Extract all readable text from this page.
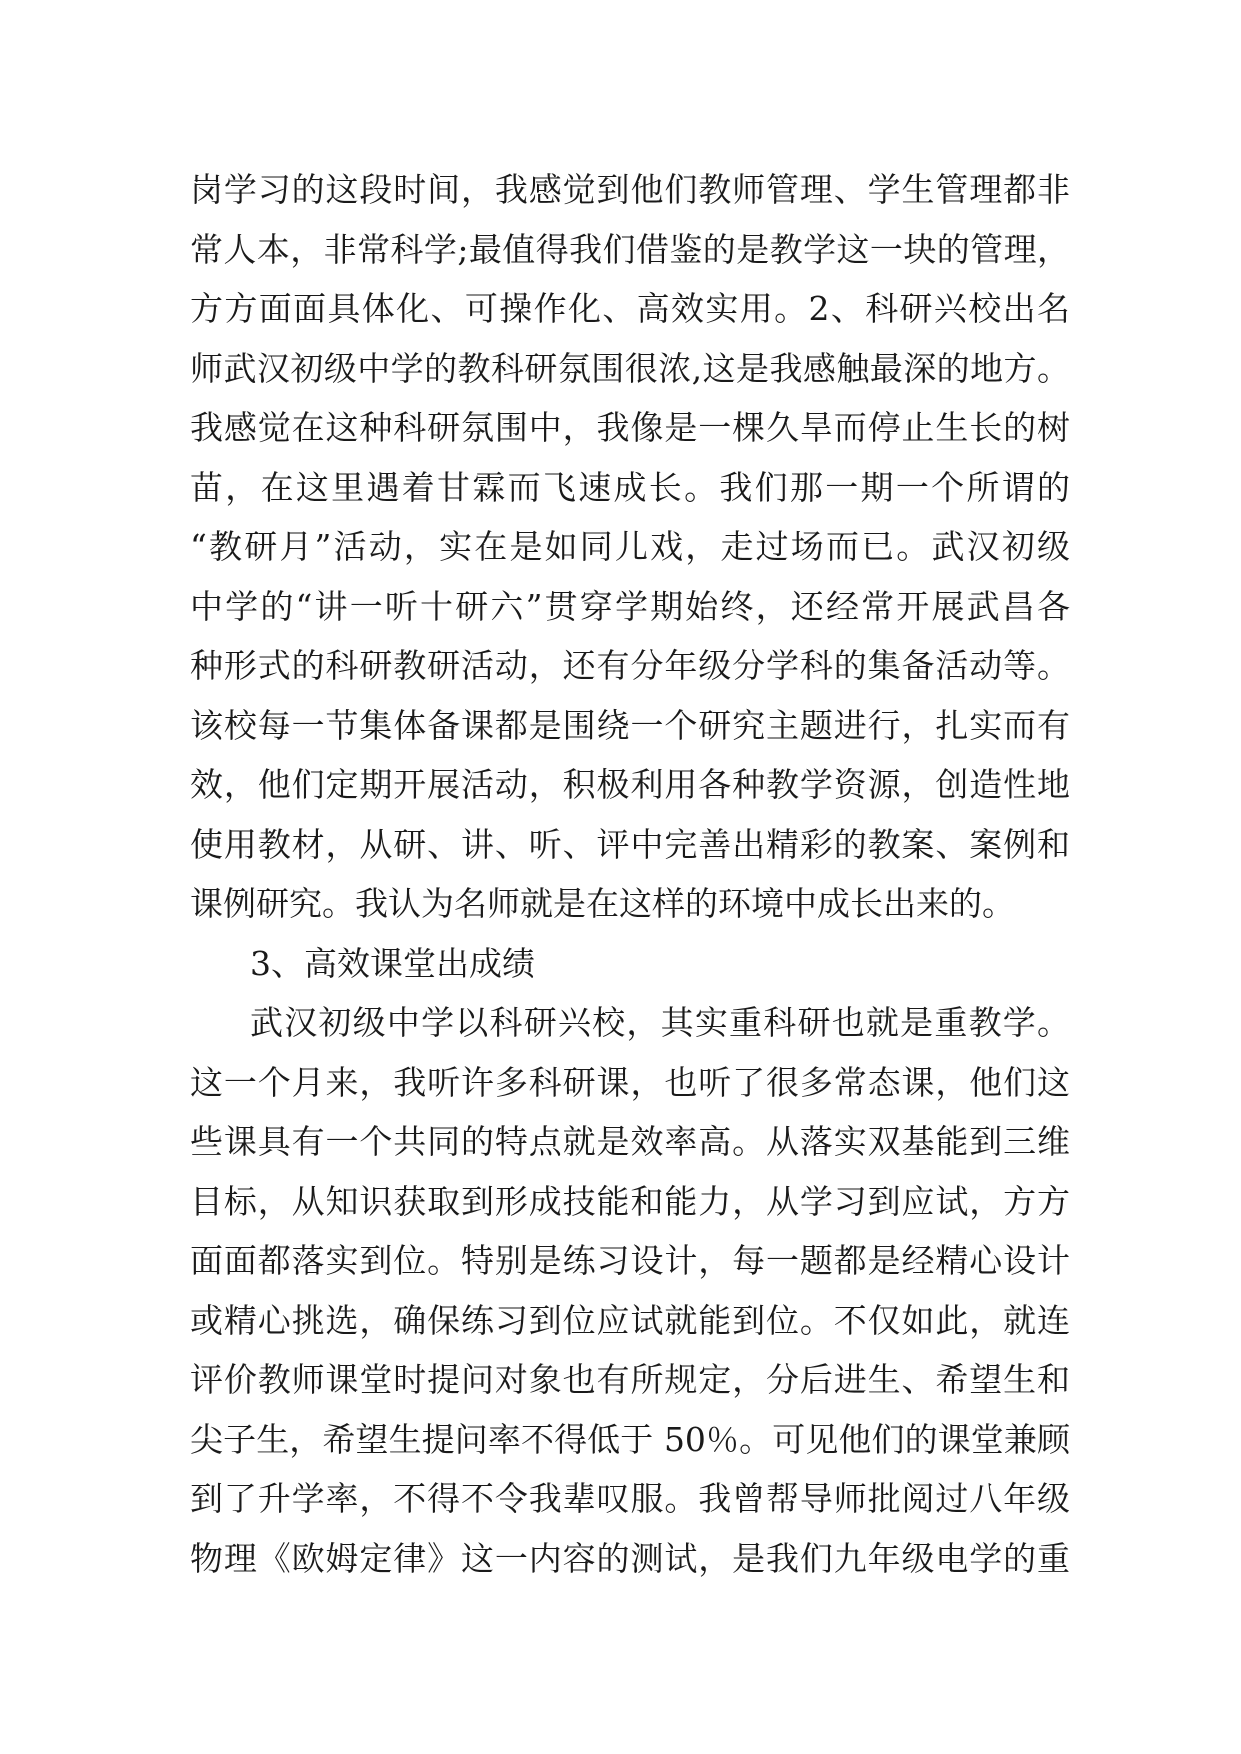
岗学习的这段时间，我感觉到他们教师管理、学生管理都非
常人本，非常科学;最值得我们借鉴的是教学这一块的管理，
方方面面具体化、可操作化、高效实用。2、科研兴校出名
师武汉初级中学的教科研氛围很浓,这是我感触最深的地方。
我感觉在这种科研氛围中，我像是一棵久旱而停止生长的树
苗，在这里遇着甘霖而飞速成长。我们那一期一个所谓的
“教研月”活动，实在是如同儿戏，走过场而已。武汉初级
中学的“讲一听十研六”贯穿学期始终，还经常开展武昌各
种形式的科研教研活动，还有分年级分学科的集备活动等。
该校每一节集体备课都是围绕一个研究主题进行，扎实而有
效，他们定期开展活动，积极利用各种教学资源，创造性地
使用教材，从研、讲、听、评中完善出精彩的教案、案例和
课例研究。我认为名师就是在这样的环境中成长出来的。
3、高效课堂出成绩
武汉初级中学以科研兴校，其实重科研也就是重教学。
这一个月来，我听许多科研课，也听了很多常态课，他们这
些课具有一个共同的特点就是效率高。从落实双基能到三维
目标，从知识获取到形成技能和能力，从学习到应试，方方
面面都落实到位。特别是练习设计，每一题都是经精心设计
或精心挑选，确保练习到位应试就能到位。不仅如此，就连
评价教师课堂时提问对象也有所规定，分后进生、希望生和
尖子生，希望生提问率不得低于 50％。可见他们的课堂兼顾
到了升学率，不得不令我辈叹服。我曾帮导师批阅过八年级
物理《欧姆定律》这一内容的测试，是我们九年级电学的重
